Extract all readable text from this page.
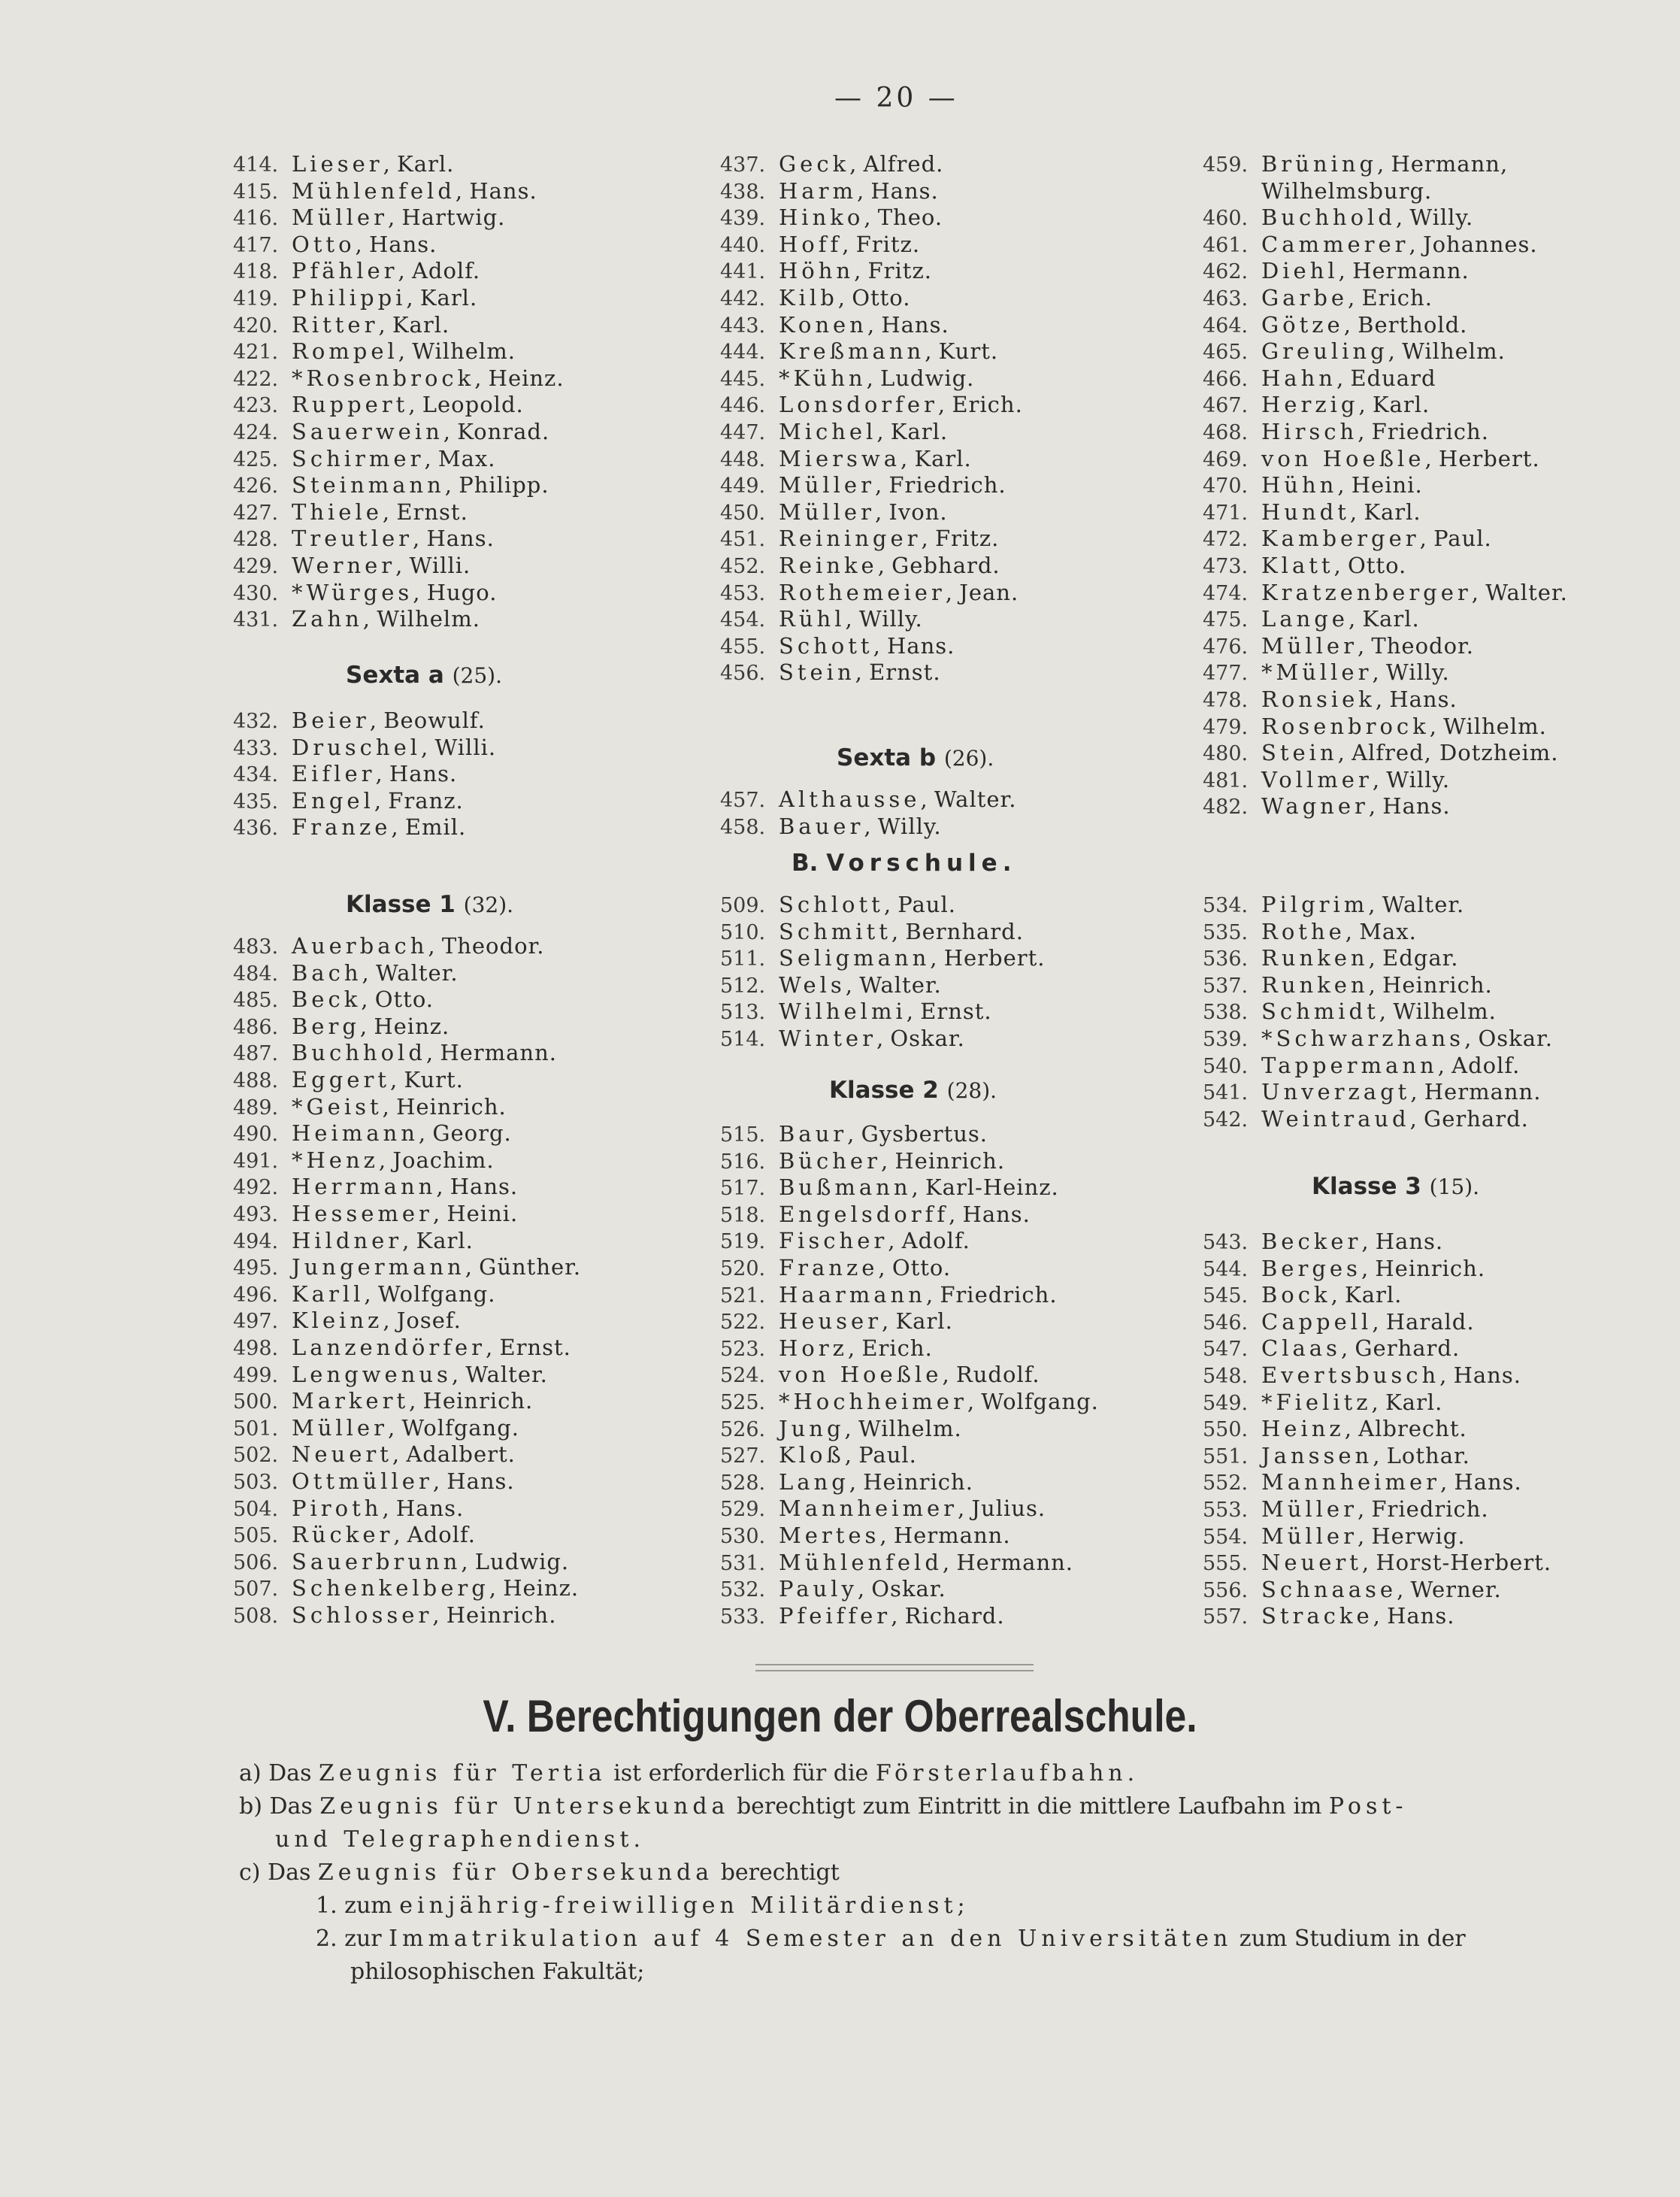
— 20 —
414. Lieser, Karl.
415. Mühlenfeld, Hans.
416. Müller, Hartwig.
417. Otto, Hans.
418. Pfähler, Adolf.
419. Philippi, Karl.
420. Ritter, Karl.
421. Rompel, Wilhelm.
422. *Rosenbrock, Heinz.
423. Ruppert, Leopold.
424. Sauerwein, Konrad.
425. Schirmer, Max.
426. Steinmann, Philipp.
427. Thiele, Ernst.
428. Treutler, Hans.
429. Werner, Willi.
430. *Würges, Hugo.
431. Zahn, Wilhelm.
Sexta a (25).
432. Beier, Beowulf.
433. Druschel, Willi.
434. Eifler, Hans.
435. Engel, Franz.
436. Franze, Emil.
Klasse 1 (32).
483. Auerbach, Theodor.
484. Bach, Walter.
485. Beck, Otto.
486. Berg, Heinz.
487. Buchhold, Hermann.
488. Eggert, Kurt.
489. *Geist, Heinrich.
490. Heimann, Georg.
491. *Henz, Joachim.
492. Herrmann, Hans.
493. Hessemer, Heini.
494. Hildner, Karl.
495. Jungermann, Günther.
496. Karll, Wolfgang.
497. Kleinz, Josef.
498. Lanzendörfer, Ernst.
499. Lengwenus, Walter.
500. Markert, Heinrich.
501. Müller, Wolfgang.
502. Neuert, Adalbert.
503. Ottmüller, Hans.
504. Piroth, Hans.
505. Rücker, Adolf.
506. Sauerbrunn, Ludwig.
507. Schenkelberg, Heinz.
508. Schlosser, Heinrich.
437. Geck, Alfred.
438. Harm, Hans.
439. Hinko, Theo.
440. Hoff, Fritz.
441. Höhn, Fritz.
442. Kilb, Otto.
443. Konen, Hans.
444. Kreßmann, Kurt.
445. *Kühn, Ludwig.
446. Lonsdorfer, Erich.
447. Michel, Karl.
448. Mierswa, Karl.
449. Müller, Friedrich.
450. Müller, Ivon.
451. Reininger, Fritz.
452. Reinke, Gebhard.
453. Rothemeier, Jean.
454. Rühl, Willy.
455. Schott, Hans.
456. Stein, Ernst.
Sexta b (26).
457. Althausse, Walter.
458. Bauer, Willy.
B. Vorschule.
509. Schlott, Paul.
510. Schmitt, Bernhard.
511. Seligmann, Herbert.
512. Wels, Walter.
513. Wilhelmi, Ernst.
514. Winter, Oskar.
Klasse 2 (28).
515. Baur, Gysbertus.
516. Bücher, Heinrich.
517. Bußmann, Karl-Heinz.
518. Engelsdorff, Hans.
519. Fischer, Adolf.
520. Franze, Otto.
521. Haarmann, Friedrich.
522. Heuser, Karl.
523. Horz, Erich.
524. von Hoeßle, Rudolf.
525. *Hochheimer, Wolfgang.
526. Jung, Wilhelm.
527. Kloß, Paul.
528. Lang, Heinrich.
529. Mannheimer, Julius.
530. Mertes, Hermann.
531. Mühlenfeld, Hermann.
532. Pauly, Oskar.
533. Pfeiffer, Richard.
459. Brüning, Hermann,
Wilhelmsburg.
460. Buchhold, Willy.
461. Cammerer, Johannes.
462. Diehl, Hermann.
463. Garbe, Erich.
464. Götze, Berthold.
465. Greuling, Wilhelm.
466. Hahn, Eduard
467. Herzig, Karl.
468. Hirsch, Friedrich.
469. von Hoeßle, Herbert.
470. Hühn, Heini.
471. Hundt, Karl.
472. Kamberger, Paul.
473. Klatt, Otto.
474. Kratzenberger, Walter.
475. Lange, Karl.
476. Müller, Theodor.
477. *Müller, Willy.
478. Ronsiek, Hans.
479. Rosenbrock, Wilhelm.
480. Stein, Alfred, Dotzheim.
481. Vollmer, Willy.
482. Wagner, Hans.
534. Pilgrim, Walter.
535. Rothe, Max.
536. Runken, Edgar.
537. Runken, Heinrich.
538. Schmidt, Wilhelm.
539. *Schwarzhans, Oskar.
540. Tappermann, Adolf.
541. Unverzagt, Hermann.
542. Weintraud, Gerhard.
Klasse 3 (15).
543. Becker, Hans.
544. Berges, Heinrich.
545. Bock, Karl.
546. Cappell, Harald.
547. Claas, Gerhard.
548. Evertsbusch, Hans.
549. *Fielitz, Karl.
550. Heinz, Albrecht.
551. Janssen, Lothar.
552. Mannheimer, Hans.
553. Müller, Friedrich.
554. Müller, Herwig.
555. Neuert, Horst-Herbert.
556. Schnaase, Werner.
557. Stracke, Hans.
V. Berechtigungen der Oberrealschule.
a) Das Zeugnis für Tertia ist erforderlich für die Försterlaufbahn.
b) Das Zeugnis für Untersekunda berechtigt zum Eintritt in die mittlere Laufbahn im Post-
und Telegraphendienst.
c) Das Zeugnis für Obersekunda berechtigt
1. zum einjährig-freiwilligen Militärdienst;
2. zur Immatrikulation auf 4 Semester an den Universitäten zum Studium in der
philosophischen Fakultät;
